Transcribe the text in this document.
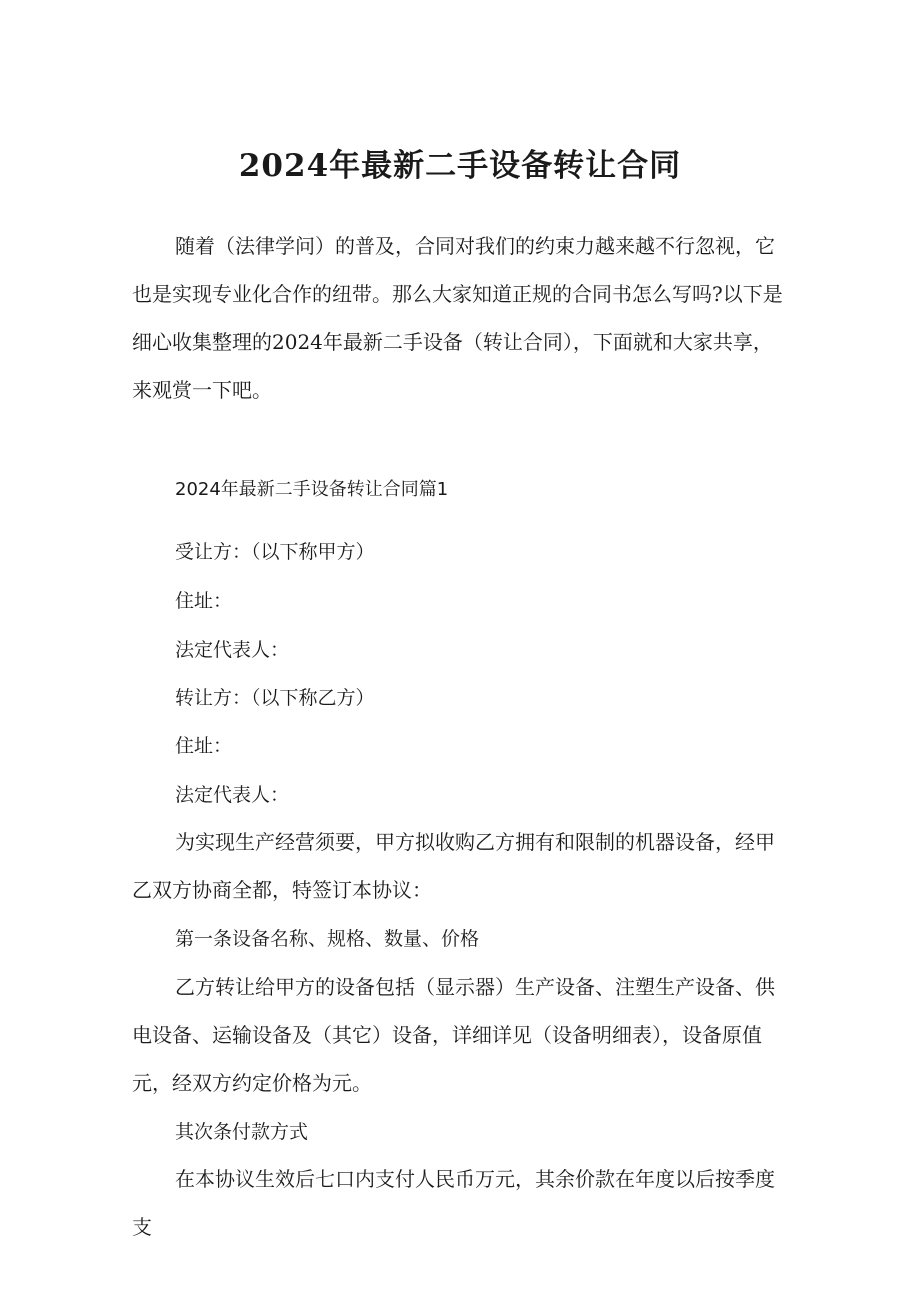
2024年最新二手设备转让合同

随着（法律学问）的普及，合同对我们的约束力越来越不行忽视，它也是实现专业化合作的纽带。那么大家知道正规的合同书怎么写吗?以下是细心收集整理的2024年最新二手设备（转让合同），下面就和大家共享，来观赏一下吧。

2024年最新二手设备转让合同篇1

受让方：（以下称甲方）

住址：

法定代表人：

转让方：（以下称乙方）

住址：

法定代表人：

为实现生产经营须要，甲方拟收购乙方拥有和限制的机器设备，经甲乙双方协商全都，特签订本协议：

第一条设备名称、规格、数量、价格

乙方转让给甲方的设备包括（显示器）生产设备、注塑生产设备、供电设备、运输设备及（其它）设备，详细详见（设备明细表），设备原值元，经双方约定价格为元。

其次条付款方式

在本协议生效后七口内支付人民币万元，其余价款在年度以后按季度支
